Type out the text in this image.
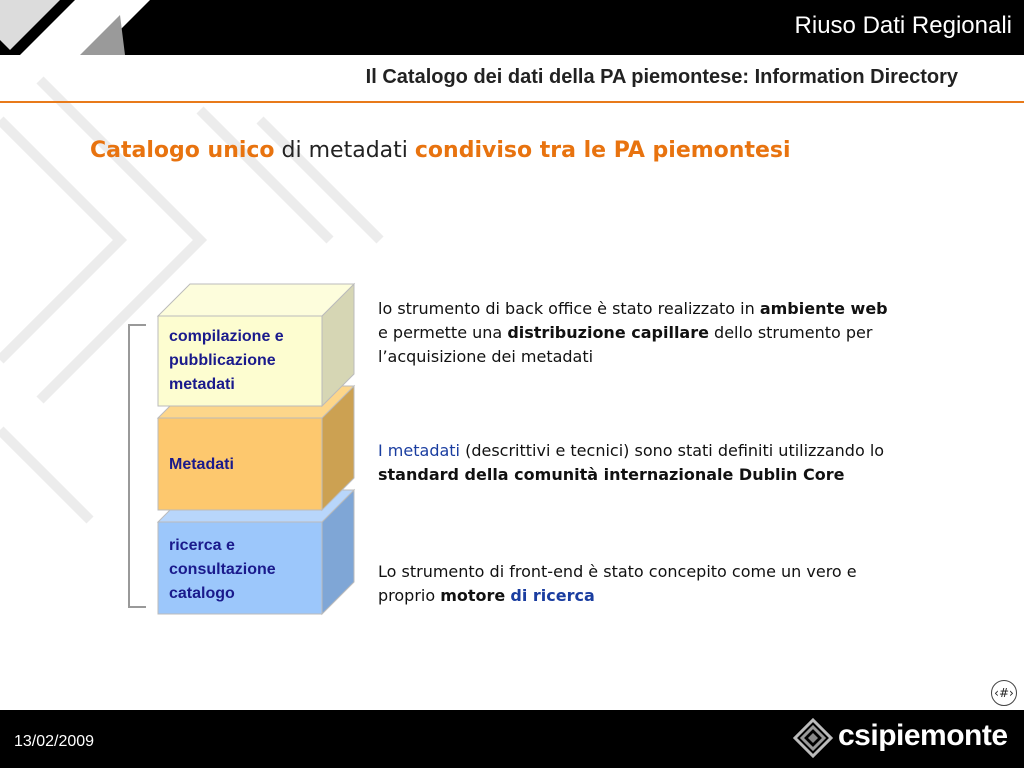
Riuso Dati Regionali
Il Catalogo dei dati della PA piemontese: Information Directory
Catalogo unico di metadati condiviso tra le PA piemontesi
compilazione e pubblicazione metadati
Metadati
ricerca e consultazione catalogo
lo strumento di back office è stato realizzato in ambiente web e permette una distribuzione capillare dello strumento per l’acquisizione dei metadati
I metadati (descrittivi e tecnici) sono stati definiti utilizzando lo standard della comunità internazionale Dublin Core
Lo strumento di front-end è stato concepito come un vero e proprio motore di ricerca
‹#›
13/02/2009	csipiemonte
